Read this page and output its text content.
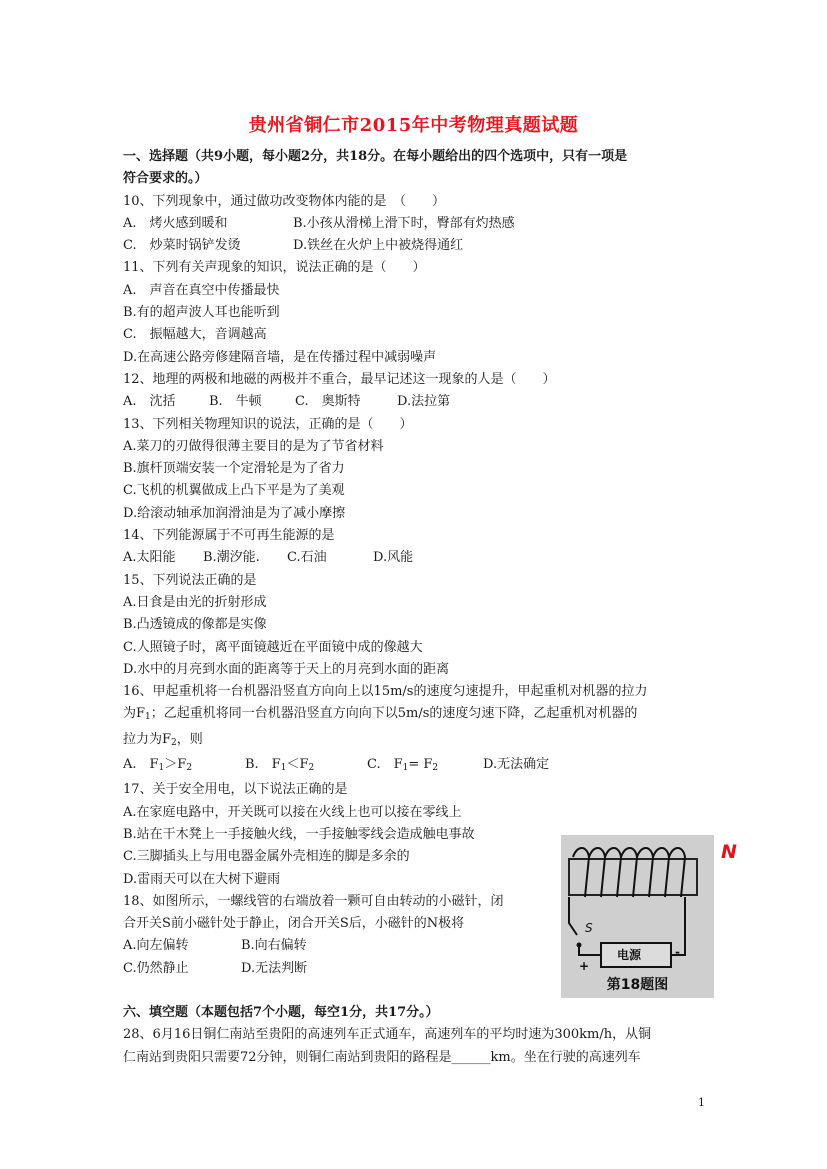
贵州省铜仁市2015年中考物理真题试题

一、选择题（共9小题，每小题2分，共18分。在每小题给出的四个选项中，只有一项是

符合要求的。）

10、下列现象中，通过做功改变物体内能的是　（　　）

A.　烤火感到暖和	B.小孩从滑梯上滑下时，臀部有灼热感

C.　炒菜时锅铲发烫	D.铁丝在火炉上中被烧得通红

11、下列有关声现象的知识，说法正确的是（　　）

A.　声音在真空中传播最快

B.有的超声波人耳也能听到

C.　振幅越大，音调越高

D.在高速公路旁修建隔音墙，是在传播过程中减弱噪声

12、地理的两极和地磁的两极并不重合，最早记述这一现象的人是（　　）

A.　沈括	B.　牛顿	C.　奥斯特	D.法拉第

13、下列相关物理知识的说法，正确的是（　　）

A.菜刀的刃做得很薄主要目的是为了节省材料

B.旗杆顶端安装一个定滑轮是为了省力

C.飞机的机翼做成上凸下平是为了美观

D.给滚动轴承加润滑油是为了减小摩擦

14、下列能源属于不可再生能源的是

A.太阳能 B.潮汐能. C.石油	D.风能

15、下列说法正确的是

A.日食是由光的折射形成

B.凸透镜成的像都是实像

C.人照镜子时，离平面镜越近在平面镜中成的像越大

D.水中的月亮到水面的距离等于天上的月亮到水面的距离

16、甲起重机将一台机器沿竖直方向向上以15m/s的速度匀速提升，甲起重机对机器的拉力

为$F_1$；乙起重机将同一台机器沿竖直方向向下以5m/s的速度匀速下降，乙起重机对机器的

拉力为$F_2$，则

A.　F1＞F2	B.　F1＜F2	C.　F1= F2	D.无法确定

17、关于安全用电，以下说法正确的是

A.在家庭电路中，开关既可以接在火线上也可以接在零线上

B.站在干木凳上一手接触火线，一手接触零线会造成触电事故

C.三脚插头上与用电器金属外壳相连的脚是多余的

D.雷雨天可以在大树下避雨

18、如图所示，一螺线管的右端放着一颗可自由转动的小磁针，闭

合开关S前小磁针处于静止，闭合开关S后，小磁针的N极将

A.向左偏转	B.向右偏转

C.仍然静止	D.无法判断

六、填空题（本题包括7个小题，每空1分，共17分。）

28、6月16日铜仁南站至贵阳的高速列车正式通车，高速列车的平均时速为300km/h，从铜

仁南站到贵阳只需要72分钟，则铜仁南站到贵阳的路程是______km。坐在行驶的高速列车

N
S
电源
+
-
第18题图
1
